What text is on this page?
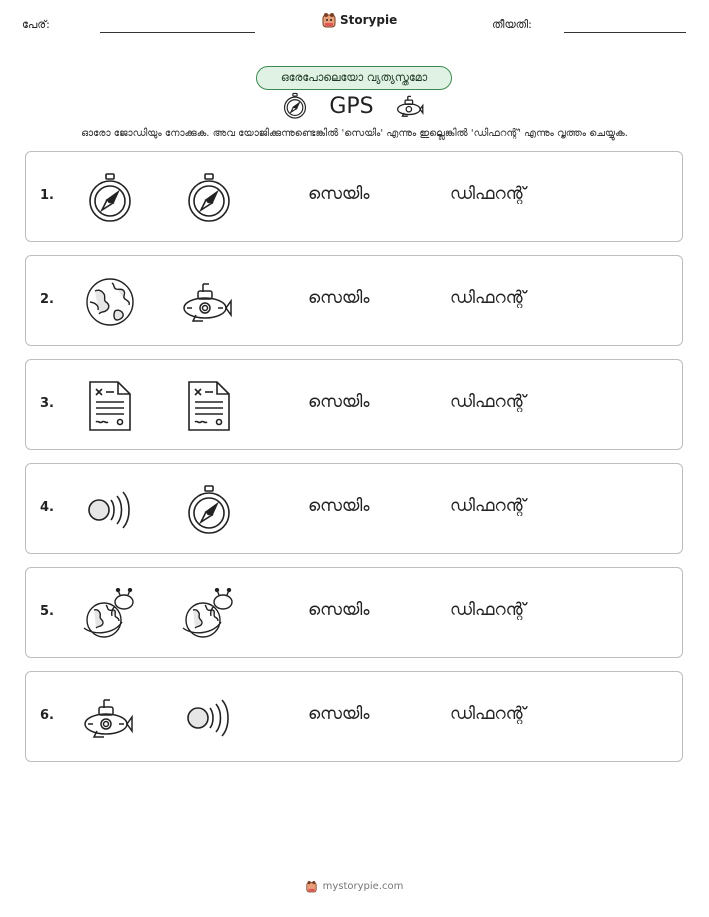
പേര്:	Storypie	തീയതി:
ഒരേപോലെയോ വ്യത്യസ്തമോ
GPS
ഓരോ ജോഡിയും നോക്കുക. അവ യോജിക്കുന്നുണ്ടെങ്കിൽ 'സെയിം' എന്നും ഇല്ലെങ്കിൽ 'ഡിഫറന്റ്' എന്നും വൃത്തം ചെയ്യുക.
1.	സെയിം	ഡിഫറന്റ്
2.	സെയിം	ഡിഫറന്റ്
3.	സെയിം	ഡിഫറന്റ്
4.	സെയിം	ഡിഫറന്റ്
5.	സെയിം	ഡിഫറന്റ്
6.	സെയിം	ഡിഫറന്റ്
mystorypie.com
